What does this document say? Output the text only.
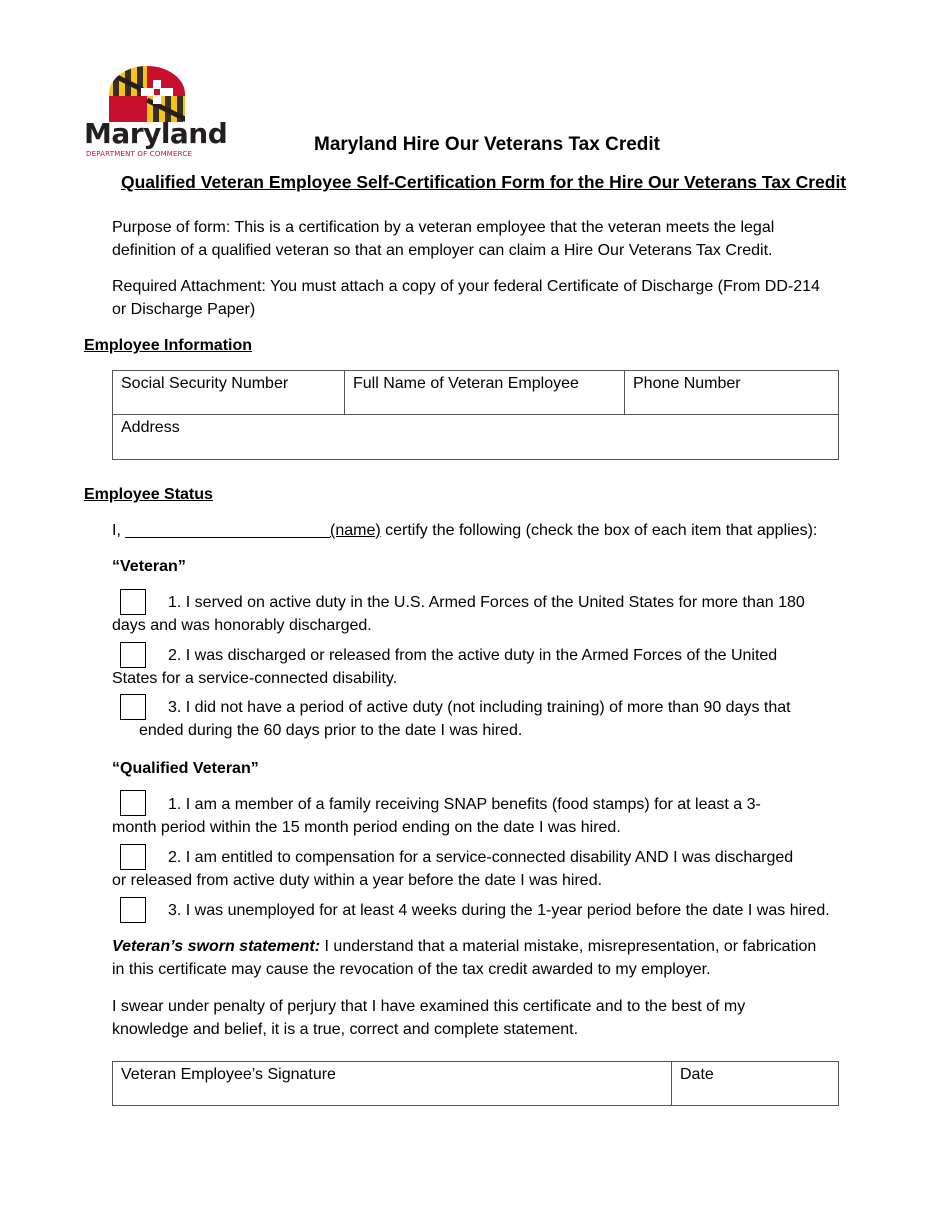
Maryland
DEPARTMENT OF COMMERCE	Maryland Hire Our Veterans Tax Credit
Qualified Veteran Employee Self-Certification Form for the Hire Our Veterans Tax Credit
Purpose of form: This is a certification by a veteran employee that the veteran meets the legal
definition of a qualified veteran so that an employer can claim a Hire Our Veterans Tax Credit.
Required Attachment: You must attach a copy of your federal Certificate of Discharge (From DD-214
or Discharge Paper)
Employee Information
Social Security Number	Full Name of Veteran Employee	Phone Number
Address
Employee Status
I, _______________________(name) certify the following (check the box of each item that applies):
“Veteran”
1. I served on active duty in the U.S. Armed Forces of the United States for more than 180
days and was honorably discharged.
2. I was discharged or released from the active duty in the Armed Forces of the United
States for a service-connected disability.
3. I did not have a period of active duty (not including training) of more than 90 days that
ended during the 60 days prior to the date I was hired.
“Qualified Veteran”
1. I am a member of a family receiving SNAP benefits (food stamps) for at least a 3-
month period within the 15 month period ending on the date I was hired.
2. I am entitled to compensation for a service-connected disability AND I was discharged
or released from active duty within a year before the date I was hired.
3. I was unemployed for at least 4 weeks during the 1-year period before the date I was hired.
Veteran’s sworn statement: I understand that a material mistake, misrepresentation, or fabrication
in this certificate may cause the revocation of the tax credit awarded to my employer.
I swear under penalty of perjury that I have examined this certificate and to the best of my
knowledge and belief, it is a true, correct and complete statement.
Veteran Employee’s Signature	Date
